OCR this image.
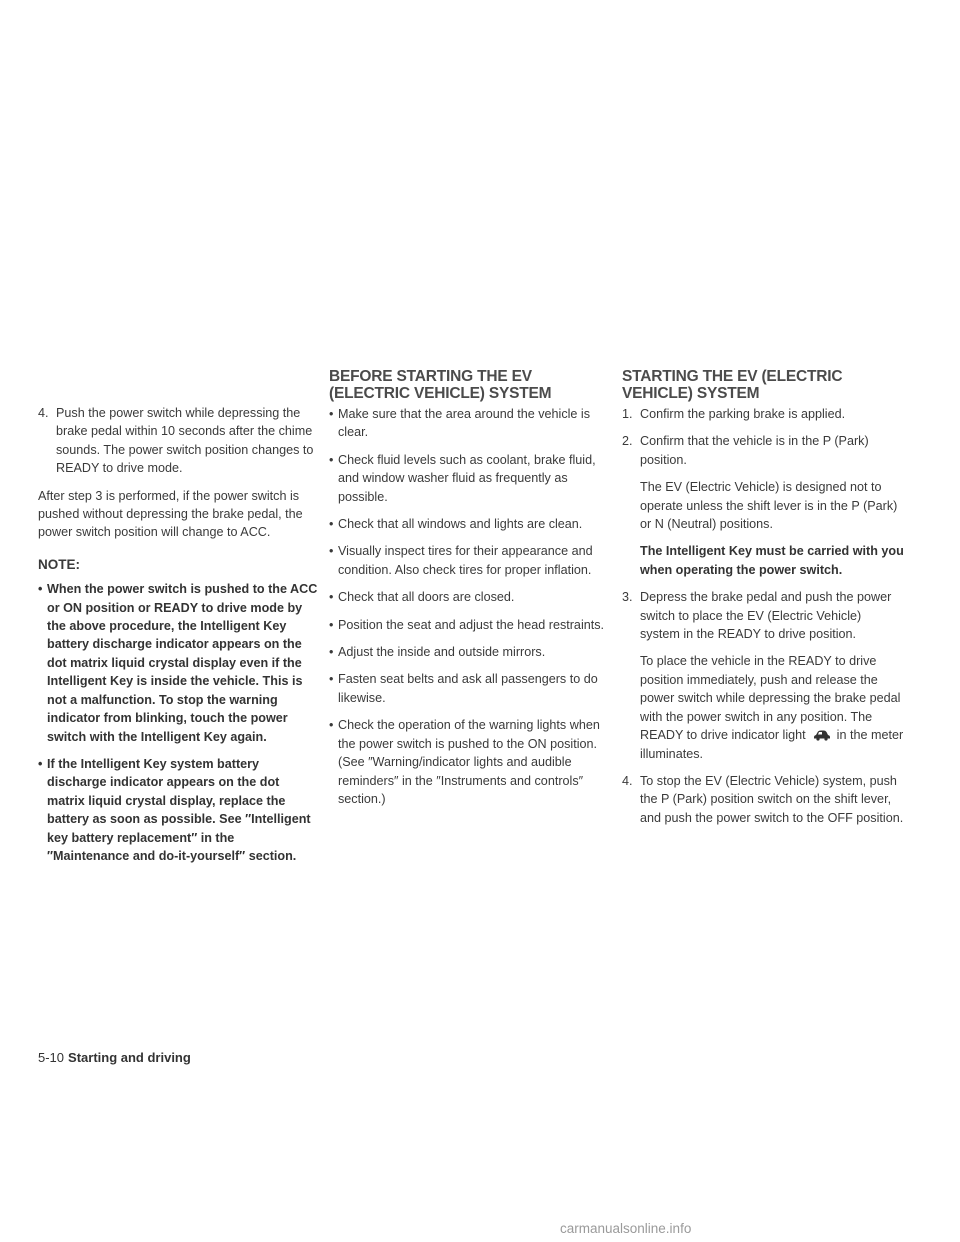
4. Push the power switch while depressing the brake pedal within 10 seconds after the chime sounds. The power switch position changes to READY to drive mode.

After step 3 is performed, if the power switch is pushed without depressing the brake pedal, the power switch position will change to ACC.

NOTE:
• When the power switch is pushed to the ACC or ON position or READY to drive mode by the above procedure, the Intelligent Key battery discharge indicator appears on the dot matrix liquid crystal display even if the Intelligent Key is inside the vehicle. This is not a malfunction. To stop the warning indicator from blinking, touch the power switch with the Intelligent Key again.
• If the Intelligent Key system battery discharge indicator appears on the dot matrix liquid crystal display, replace the battery as soon as possible. See ″Intelligent key battery replacement″ in the ″Maintenance and do-it-yourself″ section.
BEFORE STARTING THE EV (ELECTRIC VEHICLE) SYSTEM
• Make sure that the area around the vehicle is clear.
• Check fluid levels such as coolant, brake fluid, and window washer fluid as frequently as possible.
• Check that all windows and lights are clean.
• Visually inspect tires for their appearance and condition. Also check tires for proper inflation.
• Check that all doors are closed.
• Position the seat and adjust the head restraints.
• Adjust the inside and outside mirrors.
• Fasten seat belts and ask all passengers to do likewise.
• Check the operation of the warning lights when the power switch is pushed to the ON position. (See ″Warning/indicator lights and audible reminders″ in the ″Instruments and controls″ section.)
STARTING THE EV (ELECTRIC VEHICLE) SYSTEM
1. Confirm the parking brake is applied.
2. Confirm that the vehicle is in the P (Park) position.
The EV (Electric Vehicle) is designed not to operate unless the shift lever is in the P (Park) or N (Neutral) positions.
The Intelligent Key must be carried with you when operating the power switch.
3. Depress the brake pedal and push the power switch to place the EV (Electric Vehicle) system in the READY to drive position.
To place the vehicle in the READY to drive position immediately, push and release the power switch while depressing the brake pedal with the power switch in any position. The READY to drive indicator light in the meter illuminates.
4. To stop the EV (Electric Vehicle) system, push the P (Park) position switch on the shift lever, and push the power switch to the OFF position.
5-10 Starting and driving
carmanualsonline.info
